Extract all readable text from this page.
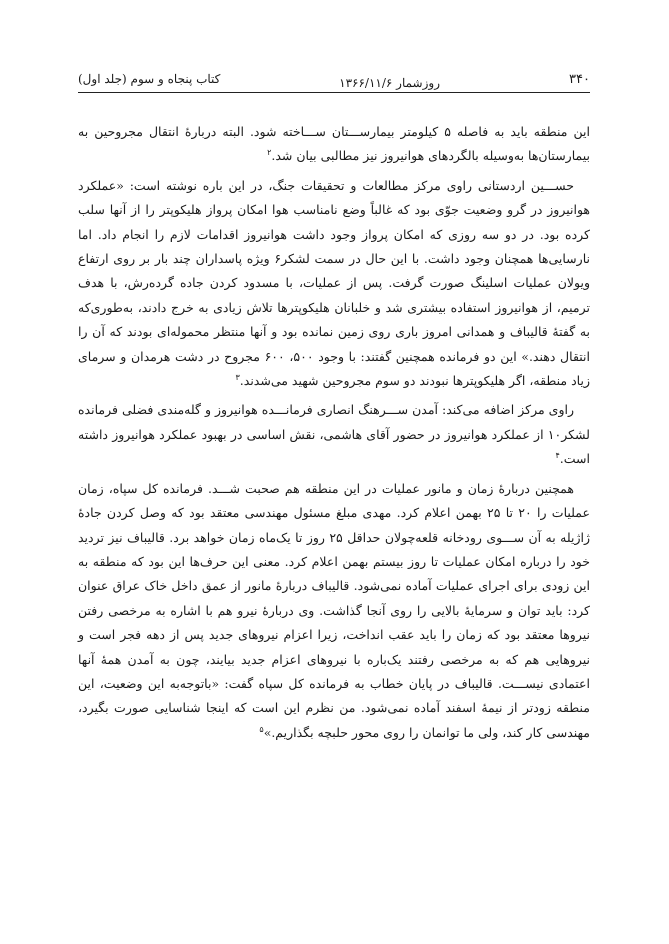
۳۴۰
روزشمار ۱۳۶۶/۱۱/۶
کتاب پنجاه و سوم (جلد اول)

این منطقه باید به فاصله ۵ کیلومتر بیمارســـتان ســـاخته شود. البته دربارهٔ انتقال مجروحین به بیمارستان‌ها به‌وسیله بالگردهای هوانیروز نیز مطالبی بیان شد.$^۲$

حســـین اردستانی راوی مرکز مطالعات و تحقیقات جنگ، در این باره نوشته است: «عملکرد هوانیروز در گرو وضعیت جوّی بود که غالباً وضع نامناسب هوا امکان پرواز هلیکوپتر را از آنها سلب کرده بود. در دو سه روزی که امکان پرواز وجود داشت هوانیروز اقدامات لازم را انجام داد. اما نارسایی‌ها همچنان وجود داشت. با این حال در سمت لشکر۶ ویژه پاسداران چند بار بر روی ارتفاع ویولان عملیات اسلینگ صورت گرفت. پس از عملیات، با مسدود کردن جاده گرده‌رش، با هدف ترمیم، از هوانیروز استفاده بیشتری شد و خلبانان هلیکوپترها تلاش زیادی به خرج دادند، به‌طوری‌که به گفتهٔ قالیباف و همدانی امروز باری روی زمین نمانده بود و آنها منتظر محموله‌ای بودند که آن را انتقال دهند.» این دو فرمانده همچنین گفتند: با وجود ۵۰۰، ۶۰۰ مجروح در دشت هرمدان و سرمای زیاد منطقه، اگر هلیکوپترها نبودند دو سوم مجروحین شهید می‌شدند.$^۳$

راوی مرکز اضافه می‌کند: آمدن ســـرهنگ انصاری فرمانـــده هوانیروز و گله‌مندی فضلی فرمانده لشکر۱۰ از عملکرد هوانیروز در حضور آقای هاشمی، نقش اساسی در بهبود عملکرد هوانیروز داشته است.$^۴$

همچنین دربارهٔ زمان و مانور عملیات در این منطقه هم صحبت شـــد. فرمانده کل سپاه، زمان عملیات را ۲۰ تا ۲۵ بهمن اعلام کرد. مهدی مبلغ مسئول مهندسی معتقد بود که وصل کردن جادهٔ ژاژیله به آن ســـوی رودخانه قلعه‌چولان حداقل ۲۵ روز تا یک‌ماه زمان خواهد برد. قالیباف نیز تردید خود را درباره امکان عملیات تا روز بیستم بهمن اعلام کرد. معنی این حرف‌ها این بود که منطقه به این زودی برای اجرای عملیات آماده نمی‌شود. قالیباف دربارهٔ مانور از عمق داخل خاک عراق عنوان کرد: باید توان و سرمایهٔ بالایی را روی آنجا گذاشت. وی دربارهٔ نیرو هم با اشاره به مرخصی رفتن نیروها معتقد بود که زمان را باید عقب انداخت، زیرا اعزام نیروهای جدید پس از دهه فجر است و نیروهایی هم که به مرخصی رفتند یک‌باره با نیروهای اعزام جدید بیایند، چون به آمدن همهٔ آنها اعتمادی نیســـت. قالیباف در پایان خطاب به فرمانده کل سپاه گفت: «باتوجه‌به این وضعیت، این منطقه زودتر از نیمهٔ اسفند آماده نمی‌شود. من نظرم این است که اینجا شناسایی صورت بگیرد، مهندسی کار کند، ولی ما توانمان را روی محور حلبچه بگذاریم.»$^۵$
